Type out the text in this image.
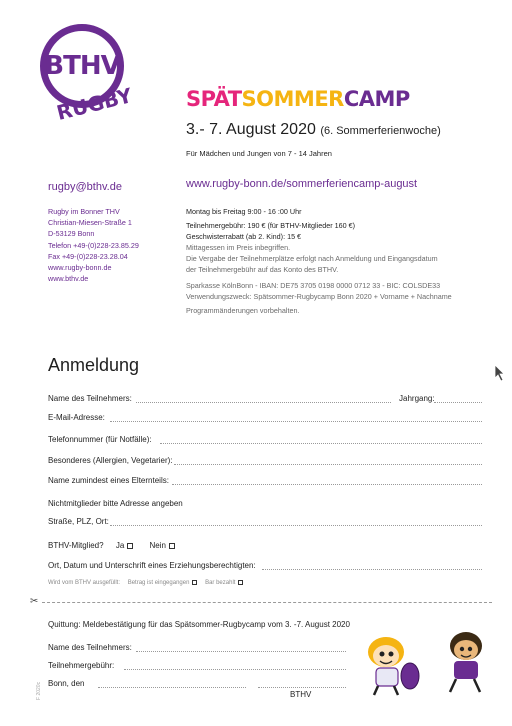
BTHV
RUGBY SPÄTSOMMERCAMP
3.- 7. August 2020 (6. Sommerferienwoche)
Für Mädchen und Jungen von 7 - 14 Jahren
rugby@bthv.de	www.rugby-bonn.de/sommerferiencamp-august
Rugby im Bonner THV
Christian-Miesen-Straße 1
D-53129 Bonn
Telefon +49-(0)228-23.85.29
Fax +49-(0)228-23.28.04
www.rugby-bonn.de
www.bthv.de
Montag bis Freitag 9:00 - 16 :00 Uhr
Teilnehmergebühr: 190 € (für BTHV-Mitglieder 160 €)
Geschwisterrabatt (ab 2. Kind): 15 €
Mittagessen im Preis inbegriffen.
Die Vergabe der Teilnehmerplätze erfolgt nach Anmeldung und Eingangsdatum
der Teilnehmergebühr auf das Konto des BTHV.
Sparkasse KölnBonn - IBAN: DE75 3705 0198 0000 0712 33 - BIC: COLSDE33
Verwendungszweck: Spätsommer-Rugbycamp Bonn 2020 + Vorname + Nachname
Programmänderungen vorbehalten.
Anmeldung
Name des Teilnehmers:	Jahrgang:
E-Mail-Adresse:
Telefonnummer (für Notfälle):
Besonderes (Allergien, Vegetarier):
Name zumindest eines Elternteils:
Nichtmitglieder bitte Adresse angeben
Straße, PLZ, Ort:
BTHV-Mitglied? Ja	Nein
Ort, Datum und Unterschrift eines Erziehungsberechtigten:
Wird vom BTHV ausgefüllt: Betrag ist eingegangen	Bar bezahlt
✂
Quittung: Meldebestätigung für das Spätsommer-Rugbycamp vom 3. -7. August 2020
Name des Teilnehmers:
Teilnehmergebühr:
Bonn, den
BTHV
F 2020c
